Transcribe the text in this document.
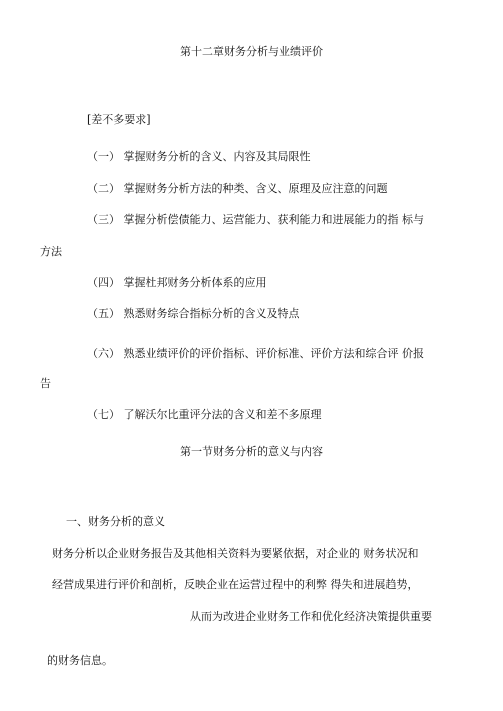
第十二章财务分析与业绩评价
[差不多要求]
（一） 掌握财务分析的含义、内容及其局限性
（二） 掌握财务分析方法的种类、含义、原理及应注意的问题
（三） 掌握分析偿债能力、运营能力、获利能力和进展能力的指 标与
方法
（四） 掌握杜邦财务分析体系的应用
（五） 熟悉财务综合指标分析的含义及特点
（六） 熟悉业绩评价的评价指标、评价标准、评价方法和综合评 价报
告
（七） 了解沃尔比重评分法的含义和差不多原理
第一节财务分析的意义与内容
一、财务分析的意义
财务分析以企业财务报告及其他相关资料为要紧依据，对企业的 财务状况和
经营成果进行评价和剖析，反映企业在运营过程中的利弊 得失和进展趋势，
从而为改进企业财务工作和优化经济决策提供重要
的财务信息。
